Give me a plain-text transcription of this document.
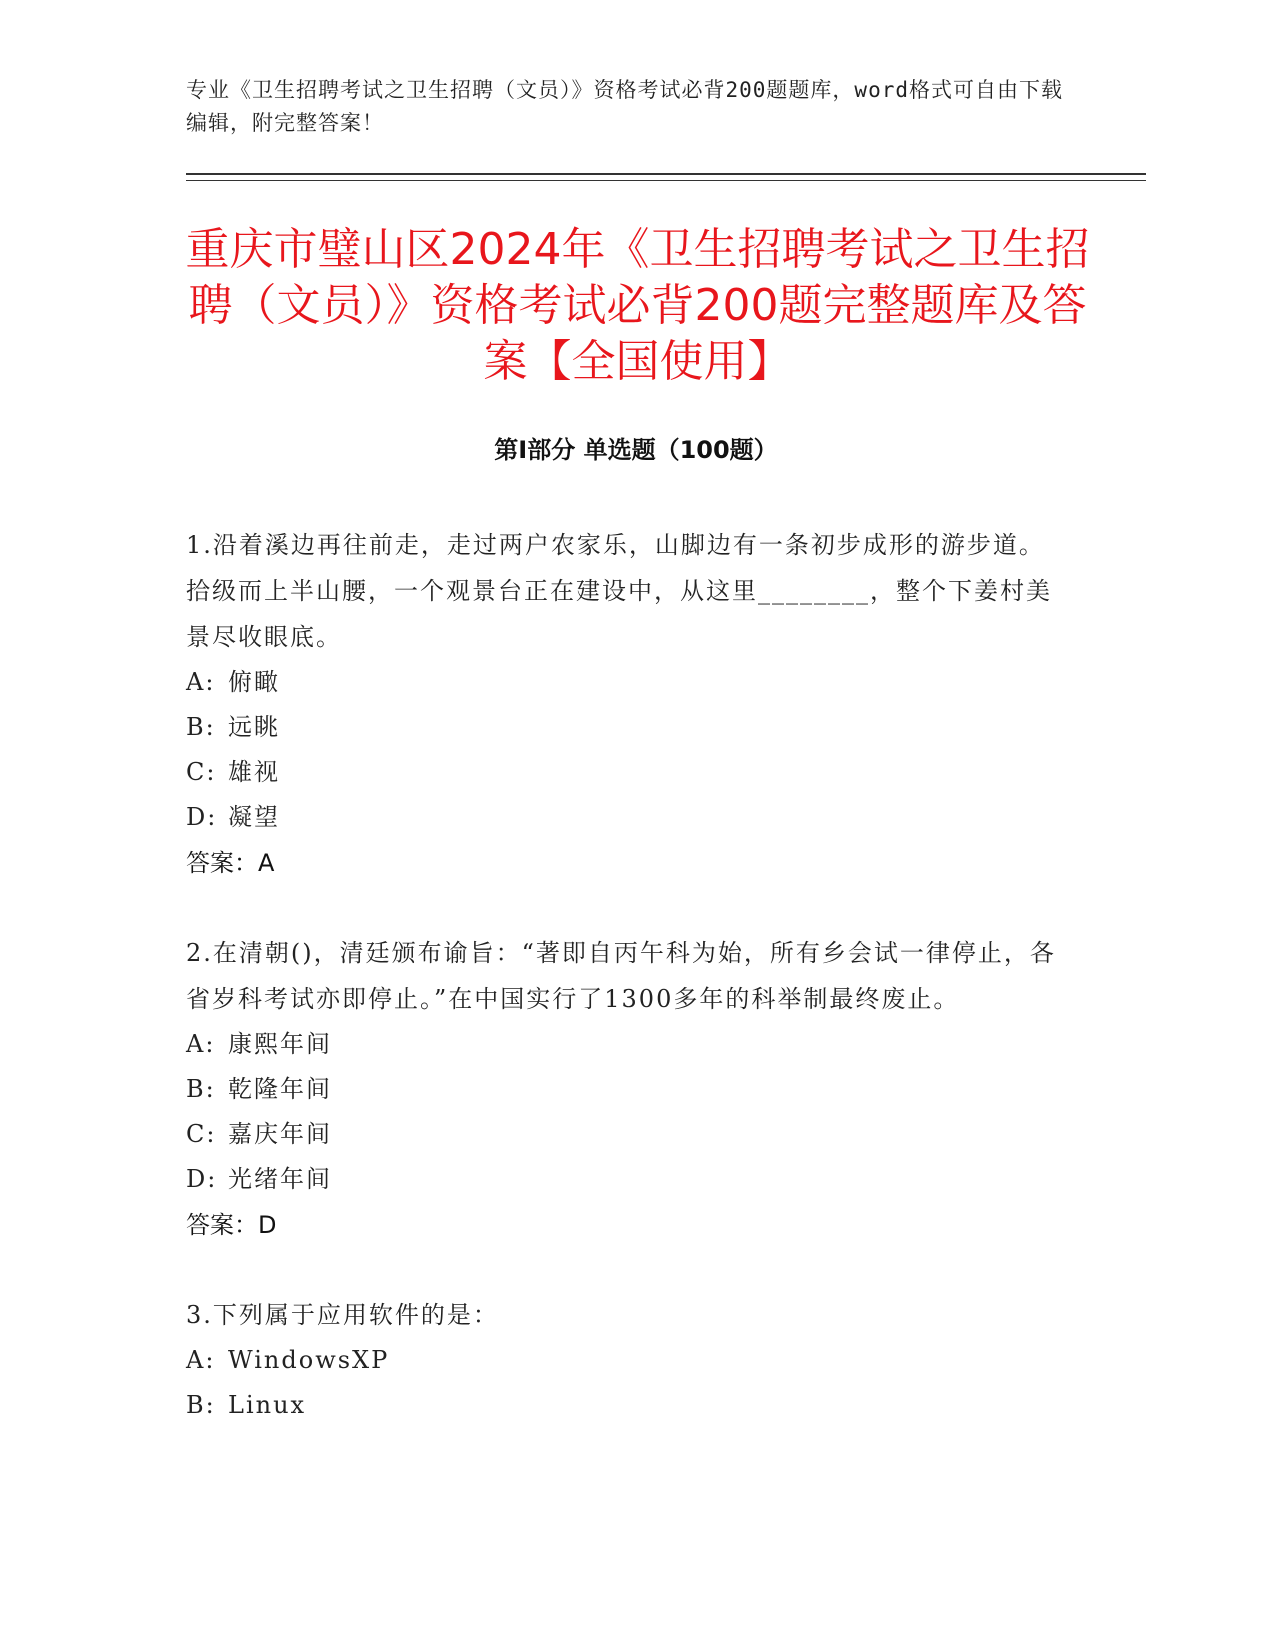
专业《卫生招聘考试之卫生招聘（文员）》资格考试必背200题题库，word格式可自由下载编辑，附完整答案！
重庆市璧山区2024年《卫生招聘考试之卫生招聘（文员）》资格考试必背200题完整题库及答案【全国使用】
第Ⅰ部分 单选题（100题）

1.沿着溪边再往前走，走过两户农家乐，山脚边有一条初步成形的游步道。拾级而上半山腰，一个观景台正在建设中，从这里________，整个下姜村美景尽收眼底。

A: 俯瞰

B: 远眺

C: 雄视

D: 凝望

答案：A

2.在清朝()，清廷颁布谕旨：“著即自丙午科为始，所有乡会试一律停止，各省岁科考试亦即停止。”在中国实行了1300多年的科举制最终废止。

A: 康熙年间

B: 乾隆年间

C: 嘉庆年间

D: 光绪年间

答案：D

3.下列属于应用软件的是：

A: WindowsXP

B: Linux
